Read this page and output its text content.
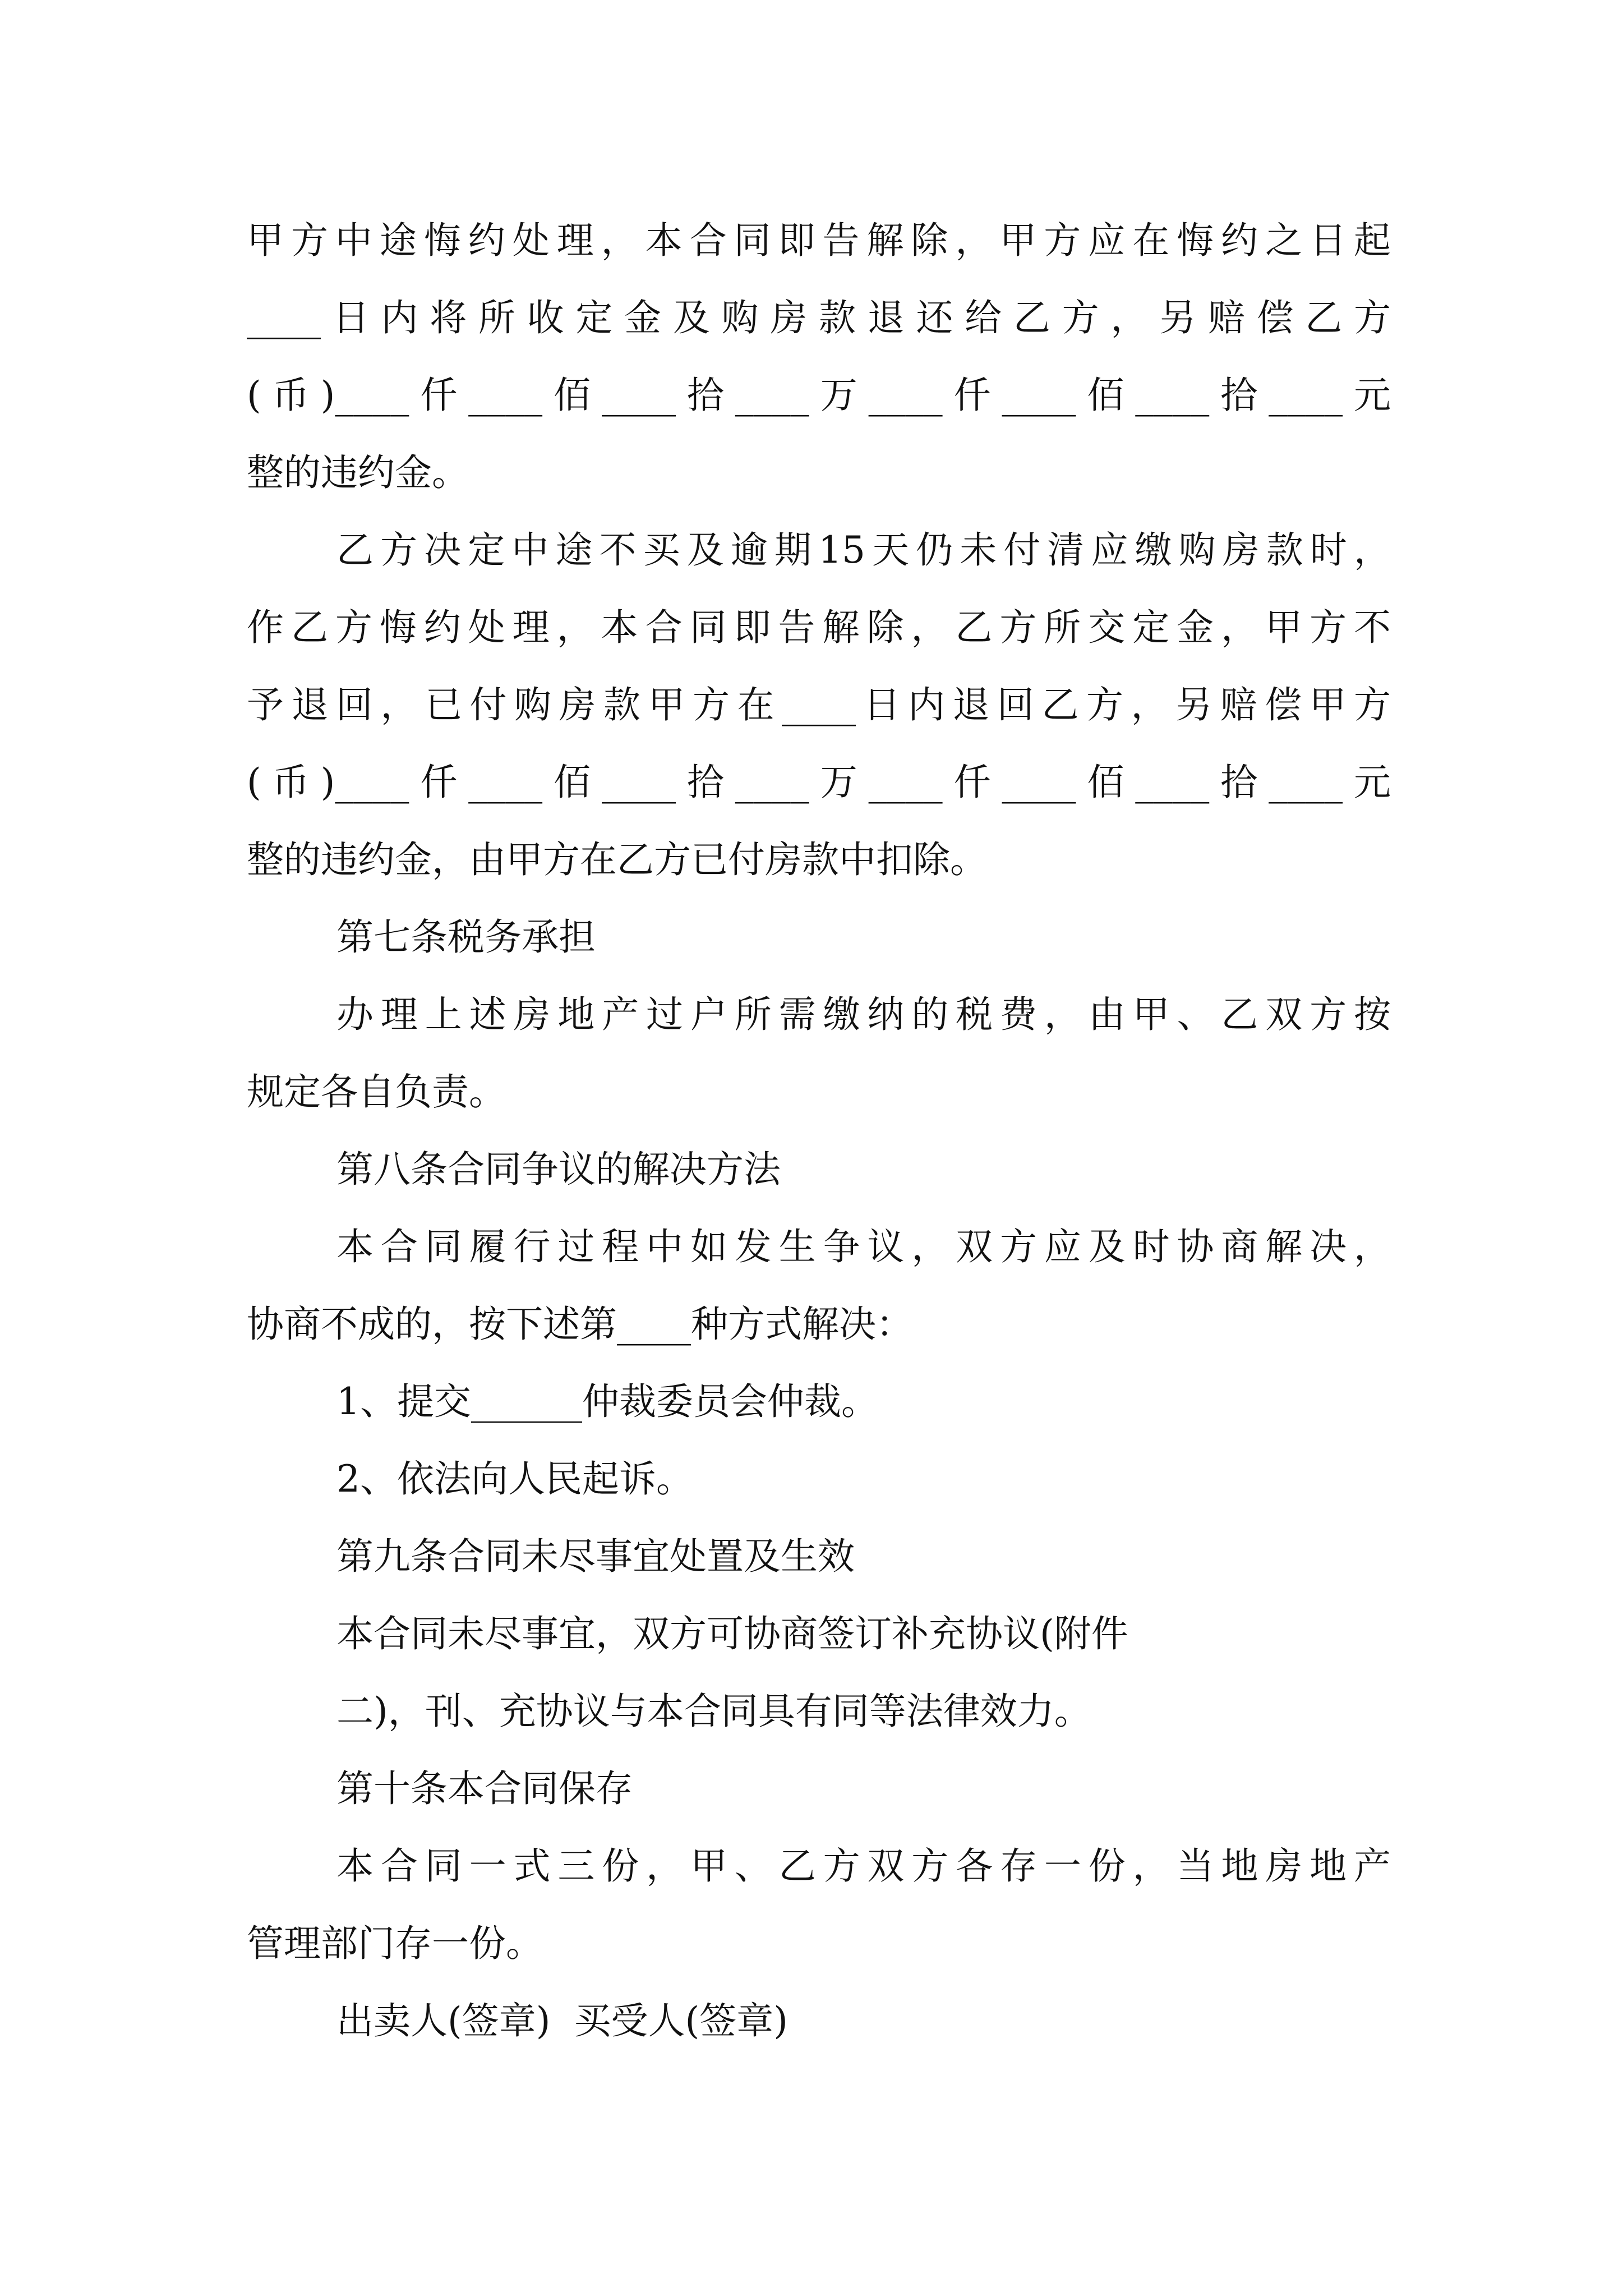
甲方中途悔约处理，本合同即告解除，甲方应在悔约之日起
____日内将所收定金及购房款退还给乙方，另赔偿乙方
(币)____仟____佰____拾____万____仟____佰____拾____元
整的违约金。
乙方决定中途不买及逾期15天仍未付清应缴购房款时，
作乙方悔约处理，本合同即告解除，乙方所交定金，甲方不
予退回，已付购房款甲方在____日内退回乙方，另赔偿甲方
(币)____仟____佰____拾____万____仟____佰____拾____元
整的违约金，由甲方在乙方已付房款中扣除。
第七条税务承担
办理上述房地产过户所需缴纳的税费，由甲、乙双方按
规定各自负责。
第八条合同争议的解决方法
本合同履行过程中如发生争议，双方应及时协商解决，
协商不成的，按下述第____种方式解决：
1、提交______仲裁委员会仲裁。
2、依法向人民起诉。
第九条合同未尽事宜处置及生效
本合同未尽事宜，双方可协商签订补充协议(附件
二)，刊、充协议与本合同具有同等法律效力。
第十条本合同保存
本合同一式三份，甲、乙方双方各存一份，当地房地产
管理部门存一份。
出卖人(签章)  买受人(签章)
